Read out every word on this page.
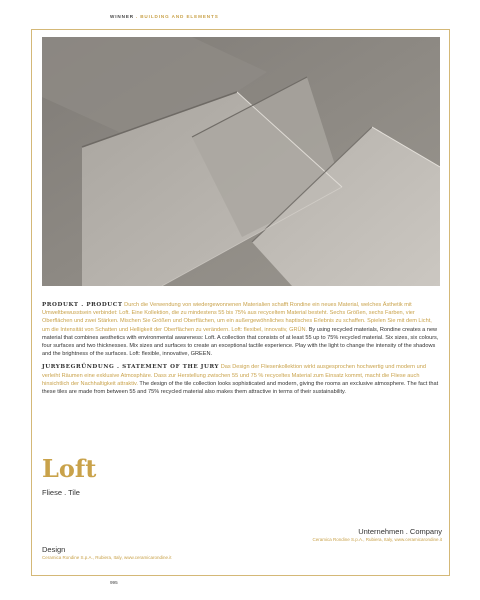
WINNER . BUILDING AND ELEMENTS

PRODUKT . PRODUCT Durch die Verwendung von wiedergewonnenen Materialien schafft Rondine ein neues Material, welches Ästhetik mit Umweltbewusstsein verbindet: Loft. Eine Kollektion, die zu mindestens 55 bis 75% aus recyceltem Material besteht. Sechs Größen, sechs Farben, vier Oberflächen und zwei Stärken. Mischen Sie Größen und Oberflächen, um ein außergewöhnliches haptisches Erlebnis zu schaffen. Spielen Sie mit dem Licht, um die Intensität von Schatten und Helligkeit der Oberflächen zu verändern. Loft: flexibel, innovativ, GRÜN. By using recycled materials, Rondine creates a new material that combines aesthetics with environmental awareness: Loft. A collection that consists of at least 55 up to 75% recycled material. Six sizes, six colours, four surfaces and two thicknesses. Mix sizes and surfaces to create an exceptional tactile experience. Play with the light to change the intensity of the shadows and the brightness of the surfaces. Loft: flexible, innovative, GREEN.

JURYBEGRÜNDUNG . STATEMENT OF THE JURY Das Design der Fliesenkollektion wirkt ausgesprochen hochwertig und modern und verleiht Räumen eine exklusive Atmosphäre. Dass zur Herstellung zwischen 55 und 75 % recyceltes Material zum Einsatz kommt, macht die Fliese auch hinsichtlich der Nachhaltigkeit attraktiv. The design of the tile collection looks sophisticated and modern, giving the rooms an exclusive atmosphere. The fact that these tiles are made from between 55 and 75% recycled material also makes them attractive in terms of their sustainability.

Loft
Fliese . Tile
Unternehmen . Company
Ceramica Rondine S.p.A., Rubiera, Italy, www.ceramicarondine.it
Design
Ceramica Rondine S.p.A., Rubiera, Italy, www.ceramicarondine.it
995
